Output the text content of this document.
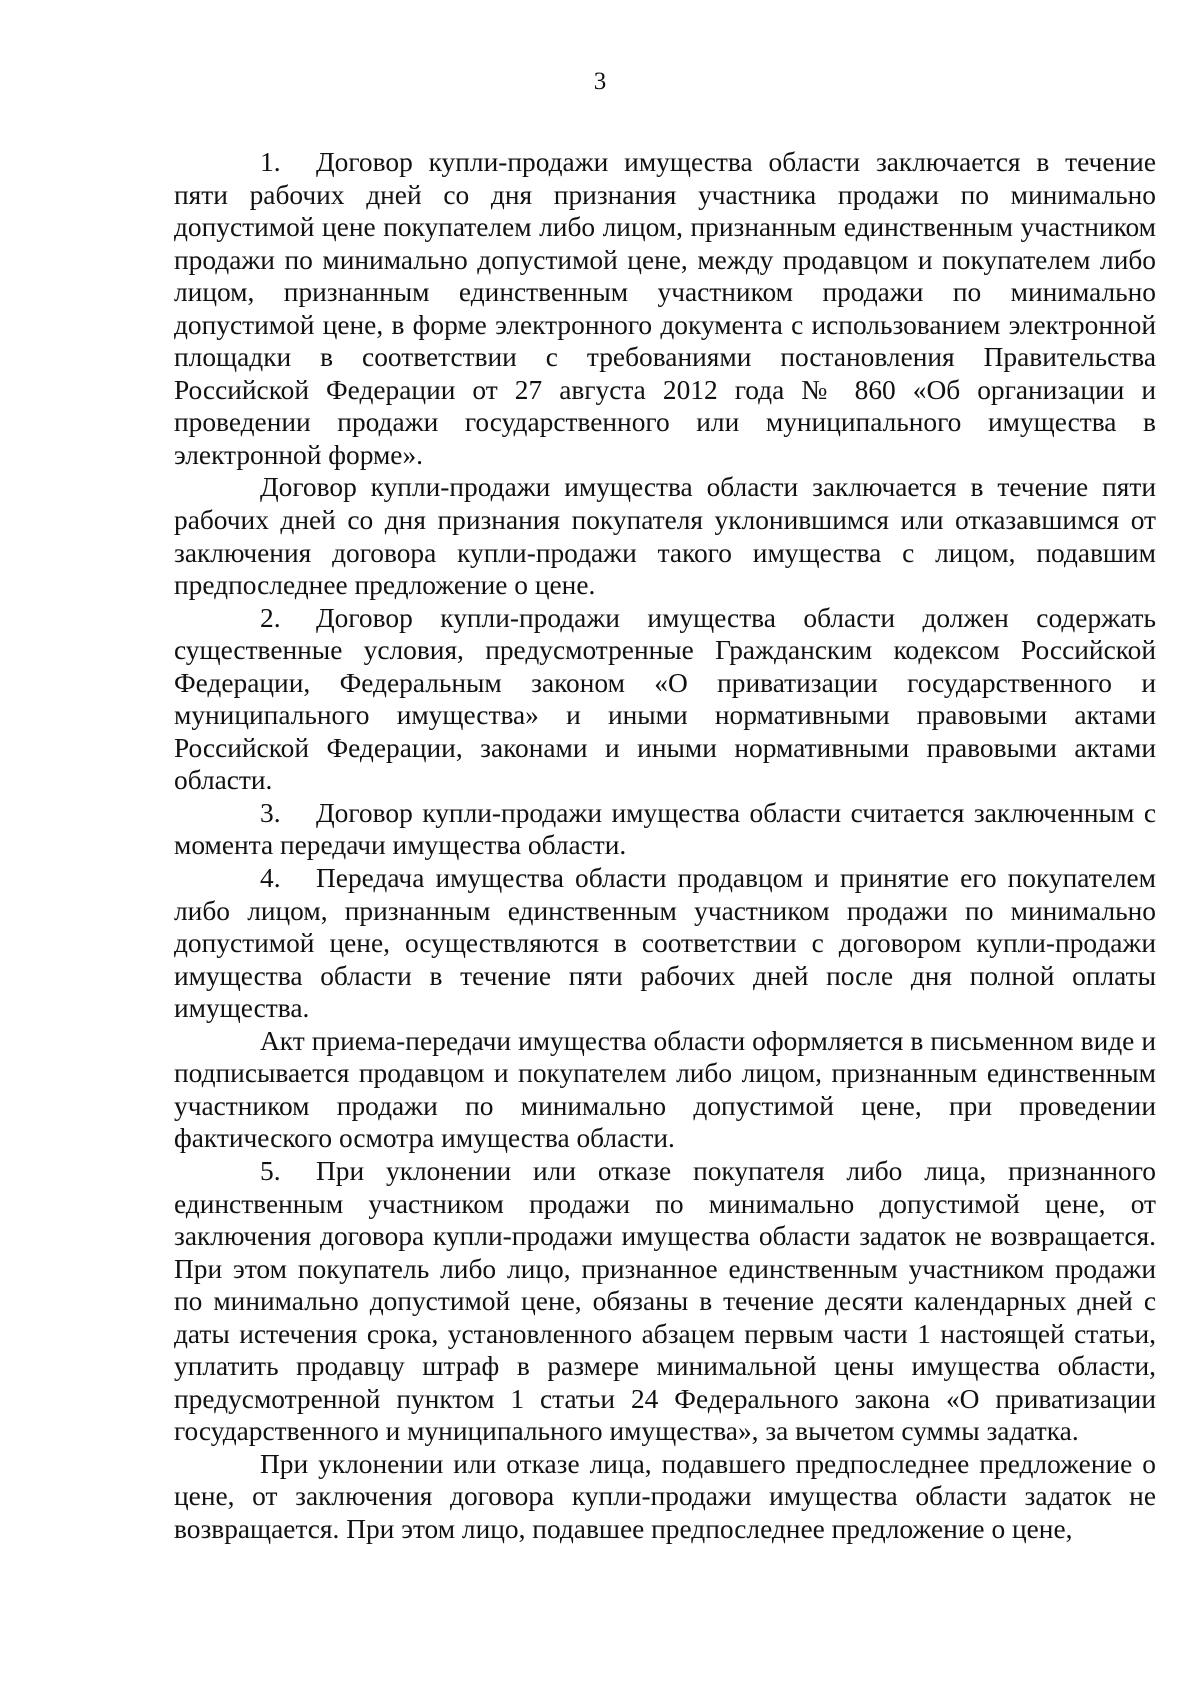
3

1. Договор купли-продажи имущества области заключается в течение пяти рабочих дней со дня признания участника продажи по минимально допустимой цене покупателем либо лицом, признанным единственным участником продажи по минимально допустимой цене, между продавцом и покупателем либо лицом, признанным единственным участником продажи по минимально допустимой цене, в форме электронного документа с использованием электронной площадки в соответствии с требованиями постановления Правительства Российской Федерации от 27 августа 2012 года № 860 «Об организации и проведении продажи государственного или муниципального имущества в электронной форме».

Договор купли-продажи имущества области заключается в течение пяти рабочих дней со дня признания покупателя уклонившимся или отказавшимся от заключения договора купли-продажи такого имущества с лицом, подавшим предпоследнее предложение о цене.

2. Договор купли-продажи имущества области должен содержать существенные условия, предусмотренные Гражданским кодексом Российской Федерации, Федеральным законом «О приватизации государственного и муниципального имущества» и иными нормативными правовыми актами Российской Федерации, законами и иными нормативными правовыми актами области.

3. Договор купли-продажи имущества области считается заключенным с момента передачи имущества области.

4. Передача имущества области продавцом и принятие его покупателем либо лицом, признанным единственным участником продажи по минимально допустимой цене, осуществляются в соответствии с договором купли-продажи имущества области в течение пяти рабочих дней после дня полной оплаты имущества.

Акт приема-передачи имущества области оформляется в письменном виде и подписывается продавцом и покупателем либо лицом, признанным единственным участником продажи по минимально допустимой цене, при проведении фактического осмотра имущества области.

5. При уклонении или отказе покупателя либо лица, признанного единственным участником продажи по минимально допустимой цене, от заключения договора купли-продажи имущества области задаток не возвращается. При этом покупатель либо лицо, признанное единственным участником продажи по минимально допустимой цене, обязаны в течение десяти календарных дней с даты истечения срока, установленного абзацем первым части 1 настоящей статьи, уплатить продавцу штраф в размере минимальной цены имущества области, предусмотренной пунктом 1 статьи 24 Федерального закона «О приватизации государственного и муниципального имущества», за вычетом суммы задатка.

При уклонении или отказе лица, подавшего предпоследнее предложение о цене, от заключения договора купли-продажи имущества области задаток не возвращается. При этом лицо, подавшее предпоследнее предложение о цене,
